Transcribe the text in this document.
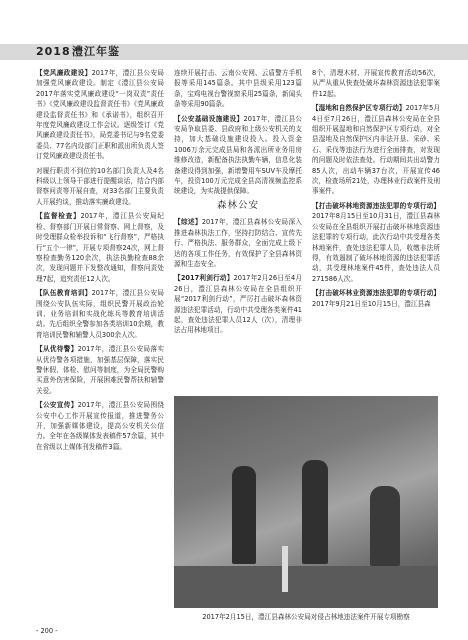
2018 澧江年鉴

【党风廉政建设】2017年，澧江县公安局加强党风廉政建设。制定《澧江县公安局2017年落实党风廉政建设“一岗双责”责任书》《党风廉政建设监督责任书》《党风廉政建设监督责任书》和《承诺书》，组织召开年度党风廉政建设工作会议。逐级签订《党风廉政建设责任书》，局党委书记与9名党委委员、77名内设部门正职和派出所负责人签订党风廉政建设责任书。

对履行职责不到位的10名部门负责人及4名科级以上领导干部进行提醒谈话，结合内部督察问责等开展自查，对33名部门主要负责人开展约谈，推动落实廉政建设。

【监督检查】2017年，澧江县公安局纪检、督察部门开展日常督察、网上督察，及时受理群众检举投诉和“飞行督察”，严格执行“五个一律”，开展专项督察24次，网上督察检查勤务120余次，执法执勤检查88余次，发现问题并下发整改通知，督察问责处理7起，追究责任12人次。

【队伍教育培训】2017年，澧江县公安局围绕公安队伍实际，组织民警开展政治轮训、业务培训和实战化练兵等教育培训活动。先后组织全警参加各类培训10余期，教育培训民警和辅警人员300余人次。

【从优待警】2017年，澧江县公安局落实从优待警各项措施，加强基层保障，落实民警休假、体检、慰问等制度，为全局民警购买意外伤害保险，开展困难民警帮扶和辅警关爱。

【公安宣传】2017年，澧江县公安局围绕公安中心工作开展宣传报道，推进警务公开，加强新媒体建设，提高公安机关公信力。全年在各级媒体发表稿件57余篇，其中在省级以上媒体刊发稿件3篇。

连续开展打击、云南公安网、云盾警方手机报等采用145篇条。其中县级采用123篇条，宝鸡电视台警视窗采用25篇条，新闻头条等采用90篇条。

【公安基础设施建设】2017年，澧江县公安局争取县委、县政府和上级公安机关的支持，加大基础设施建设投入。投入资金1006万余元完成县局和各派出所业务用房维修改造，新配备执法执勤车辆，信息化装备建设得到加强，新增警用车SUV车及摩托车，投资100万元完成全县高清视频监控系统建设，为实战提供保障。

森林公安

【综述】2017年，澧江县森林公安局深入推进森林执法工作，坚持打防结合、宣传先行、严格执法、服务群众，全面完成上级下达的各项工作任务，有效保护了全县森林资源和生态安全。

【2017利剑行动】2017年2月26日至4月26日，澧江县森林公安局在全县组织开展“2017利剑行动”，严厉打击破坏森林资源违法犯罪活动，行动中共受理各类案件41起，查处违法犯罪人员12人（次），清理非法占用林地项目。

8个，清理木材、开展宣传教育活动56次，从严从重从快查处破坏森林资源违法犯罪案件12起。

【湿地和自然保护区专项行动】2017年5月4日至7月26日，澧江县森林公安局在全县组织开展湿地和自然保护区专项行动，对全县湿地及自然保护区内非法开垦、采砂、采石、采伐等违法行为进行全面排查，对发现的问题及时依法查处。行动期间共出动警力85人次，出动车辆37台次，开展宣传46次，检查场所21处，办理林业行政案件及刑事案件。

【打击破坏林地资源违法犯罪的专项行动】2017年8月15日至10月31日，澧江县森林公安局在全县组织开展打击破坏林地资源违法犯罪的专项行动，此次行动中共受理各类林地案件，查处违法犯罪人员，收缴非法所得，有效遏制了破坏林地资源的违法犯罪活动，共受理林地案件45件，查处违法人员271586人次。

【打击破坏林业资源违法犯罪的专项行动】2017年9月21日至10月15日，澧江县森

2017年2月15日，澧江县森林公安局对侵占林地违法案件开展专项勘察
- 200 -
